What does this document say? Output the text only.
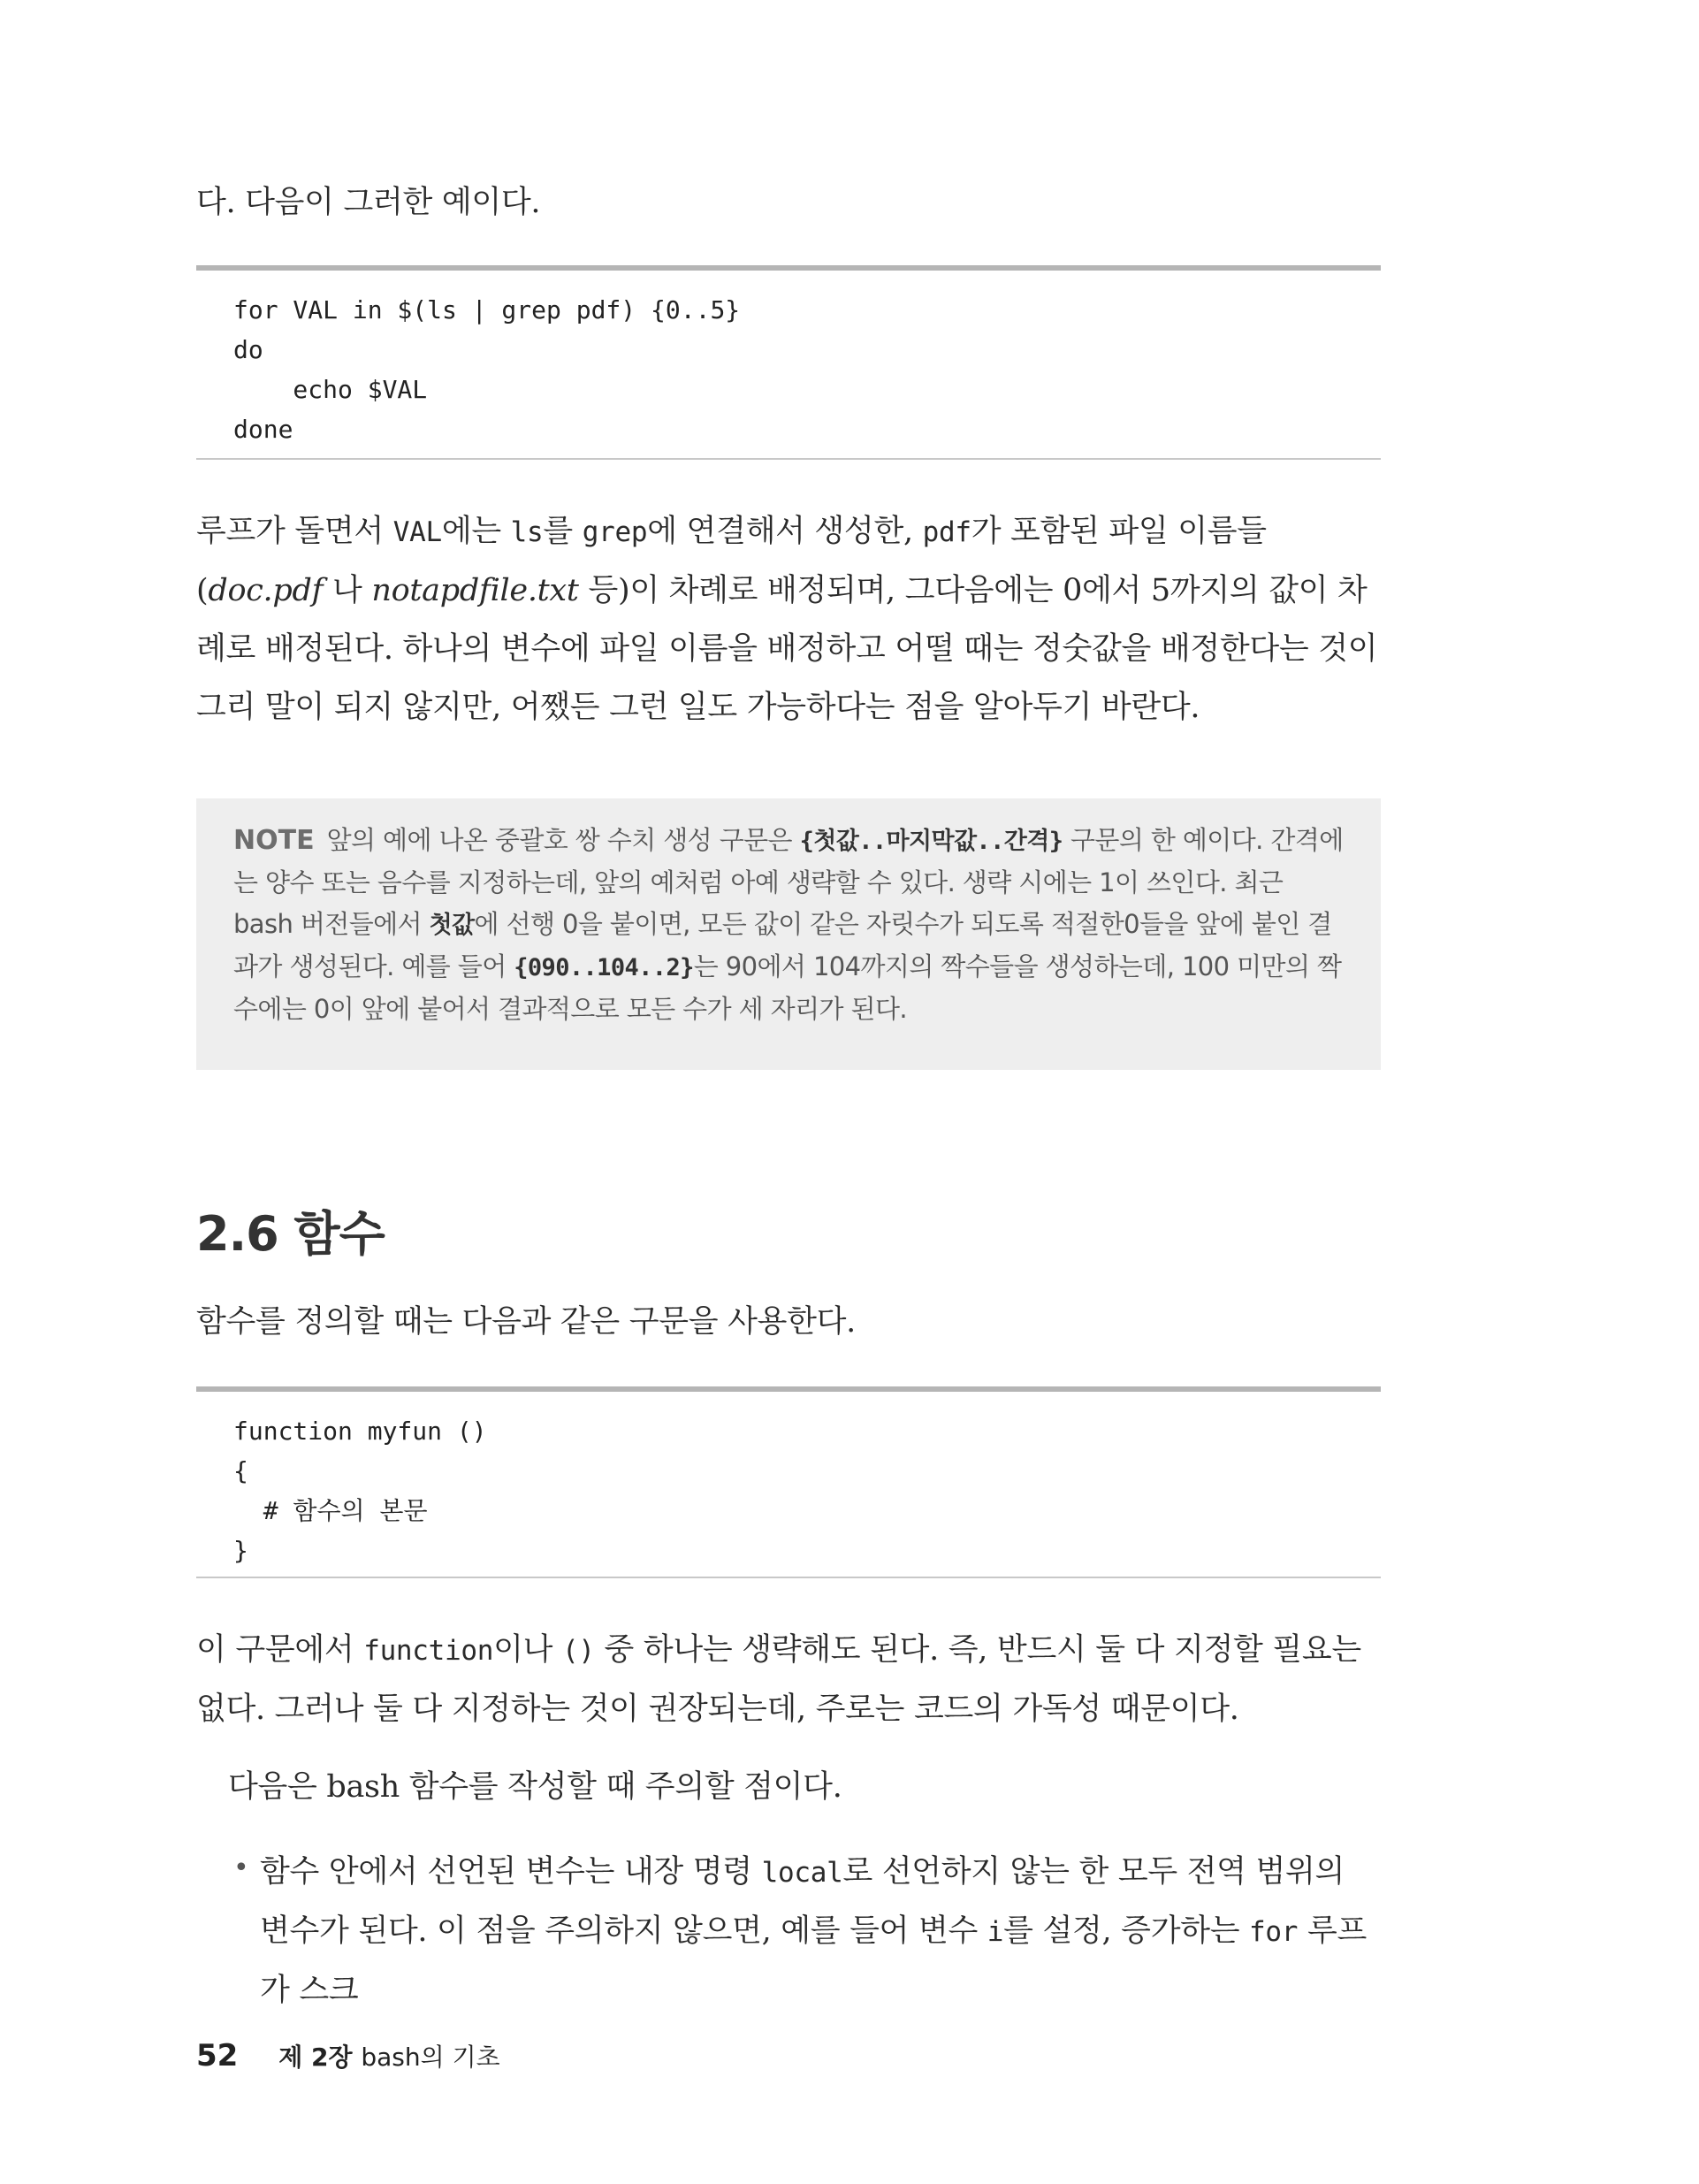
다. 다음이 그러한 예이다.

for VAL in $(ls | grep pdf) {0..5}
do
echo $VAL
done

루프가 돌면서 VAL에는 ls를 grep에 연결해서 생성한, pdf가 포함된 파일 이름들(doc.pdf 나 notapdfile.txt 등)이 차례로 배정되며, 그다음에는 0에서 5까지의 값이 차례로 배정된다. 하나의 변수에 파일 이름을 배정하고 어떨 때는 정숫값을 배정한다는 것이 그리 말이 되지 않지만, 어쨌든 그런 일도 가능하다는 점을 알아두기 바란다.

NOTE 앞의 예에 나온 중괄호 쌍 수치 생성 구문은 {첫값..마지막값..간격} 구문의 한 예이다. 간격에는 양수 또는 음수를 지정하는데, 앞의 예처럼 아예 생략할 수 있다. 생략 시에는 1이 쓰인다. 최근 bash 버전들에서 첫값에 선행 0을 붙이면, 모든 값이 같은 자릿수가 되도록 적절한0들을 앞에 붙인 결과가 생성된다. 예를 들어 {090..104..2}는 90에서 104까지의 짝수들을 생성하는데, 100 미만의 짝수에는 0이 앞에 붙어서 결과적으로 모든 수가 세 자리가 된다.
2.6 함수

함수를 정의할 때는 다음과 같은 구문을 사용한다.

function myfun ()
{
# 함수의 본문
}

이 구문에서 function이나 () 중 하나는 생략해도 된다. 즉, 반드시 둘 다 지정할 필요는 없다. 그러나 둘 다 지정하는 것이 권장되는데, 주로는 코드의 가독성 때문이다.

다음은 bash 함수를 작성할 때 주의할 점이다.

• 함수 안에서 선언된 변수는 내장 명령 local로 선언하지 않는 한 모두 전역 범위의 변수가 된다. 이 점을 주의하지 않으면, 예를 들어 변수 i를 설정, 증가하는 for 루프가 스크

52 제 2장 bash의 기초
